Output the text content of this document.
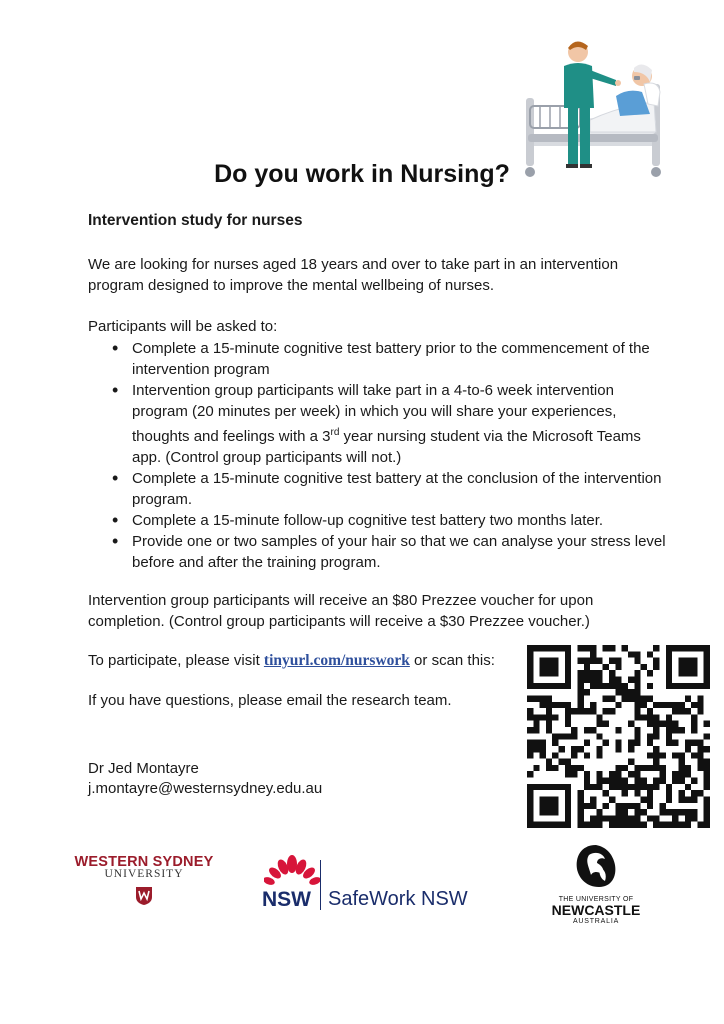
Do you work in Nursing?

Intervention study for nurses

We are looking for nurses aged 18 years and over to take part in an intervention program designed to improve the mental wellbeing of nurses.

Participants will be asked to:

• Complete a 15-minute cognitive test battery prior to the commencement of the intervention program
• Intervention group participants will take part in a 4-to-6 week intervention program (20 minutes per week) in which you will share your experiences, thoughts and feelings with a 3rd year nursing student via the Microsoft Teams app. (Control group participants will not.)
• Complete a 15-minute cognitive test battery at the conclusion of the intervention program.
• Complete a 15-minute follow-up cognitive test battery two months later.
• Provide one or two samples of your hair so that we can analyse your stress level before and after the training program.

Intervention group participants will receive an $80 Prezzee voucher for upon completion. (Control group participants will receive a $30 Prezzee voucher.)

To participate, please visit tinyurl.com/nurswork or scan this:

If you have questions, please email the research team.

Dr Jed Montayre

j.montayre@westernsydney.edu.au

WESTERN SYDNEY
UNIVERSITY
NSW SafeWork NSW	THE UNIVERSITY OF
NEWCASTLE
AUSTRALIA
